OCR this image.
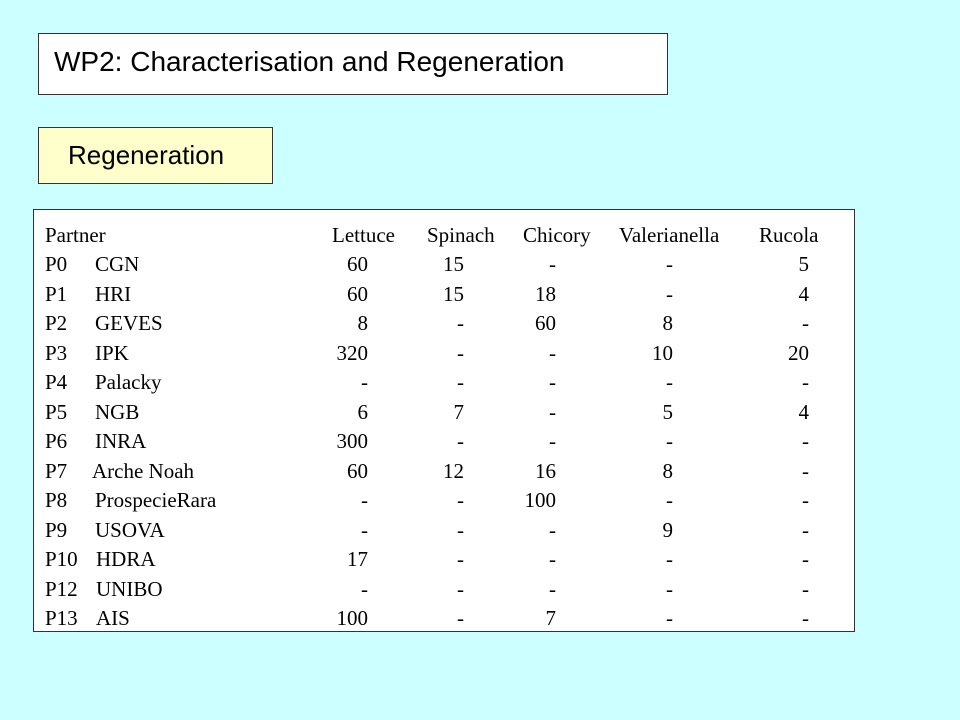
WP2: Characterisation and Regeneration
Regeneration
Partner	Lettuce Spinach Chicory Valerianella Rucola
P0 CGN	60	15	-	-	5
P1 HRI	60	15	18	-	4
P2 GEVES	8	-	60	8	-
P3 IPK	320	-	-	10	20
P4 Palacky	-	-	-	-	-
P5 NGB	6	7	-	5	4
P6 INRA	300	-	-	-	-
P7 Arche Noah	60	12	16	8	-
P8 ProspecieRara	-	-	100	-	-
P9 USOVA	-	-	-	9	-
P10 HDRA	17	-	-	-	-
P12 UNIBO	-	-	-	-	-
P13 AIS	100	-	7	-	-
